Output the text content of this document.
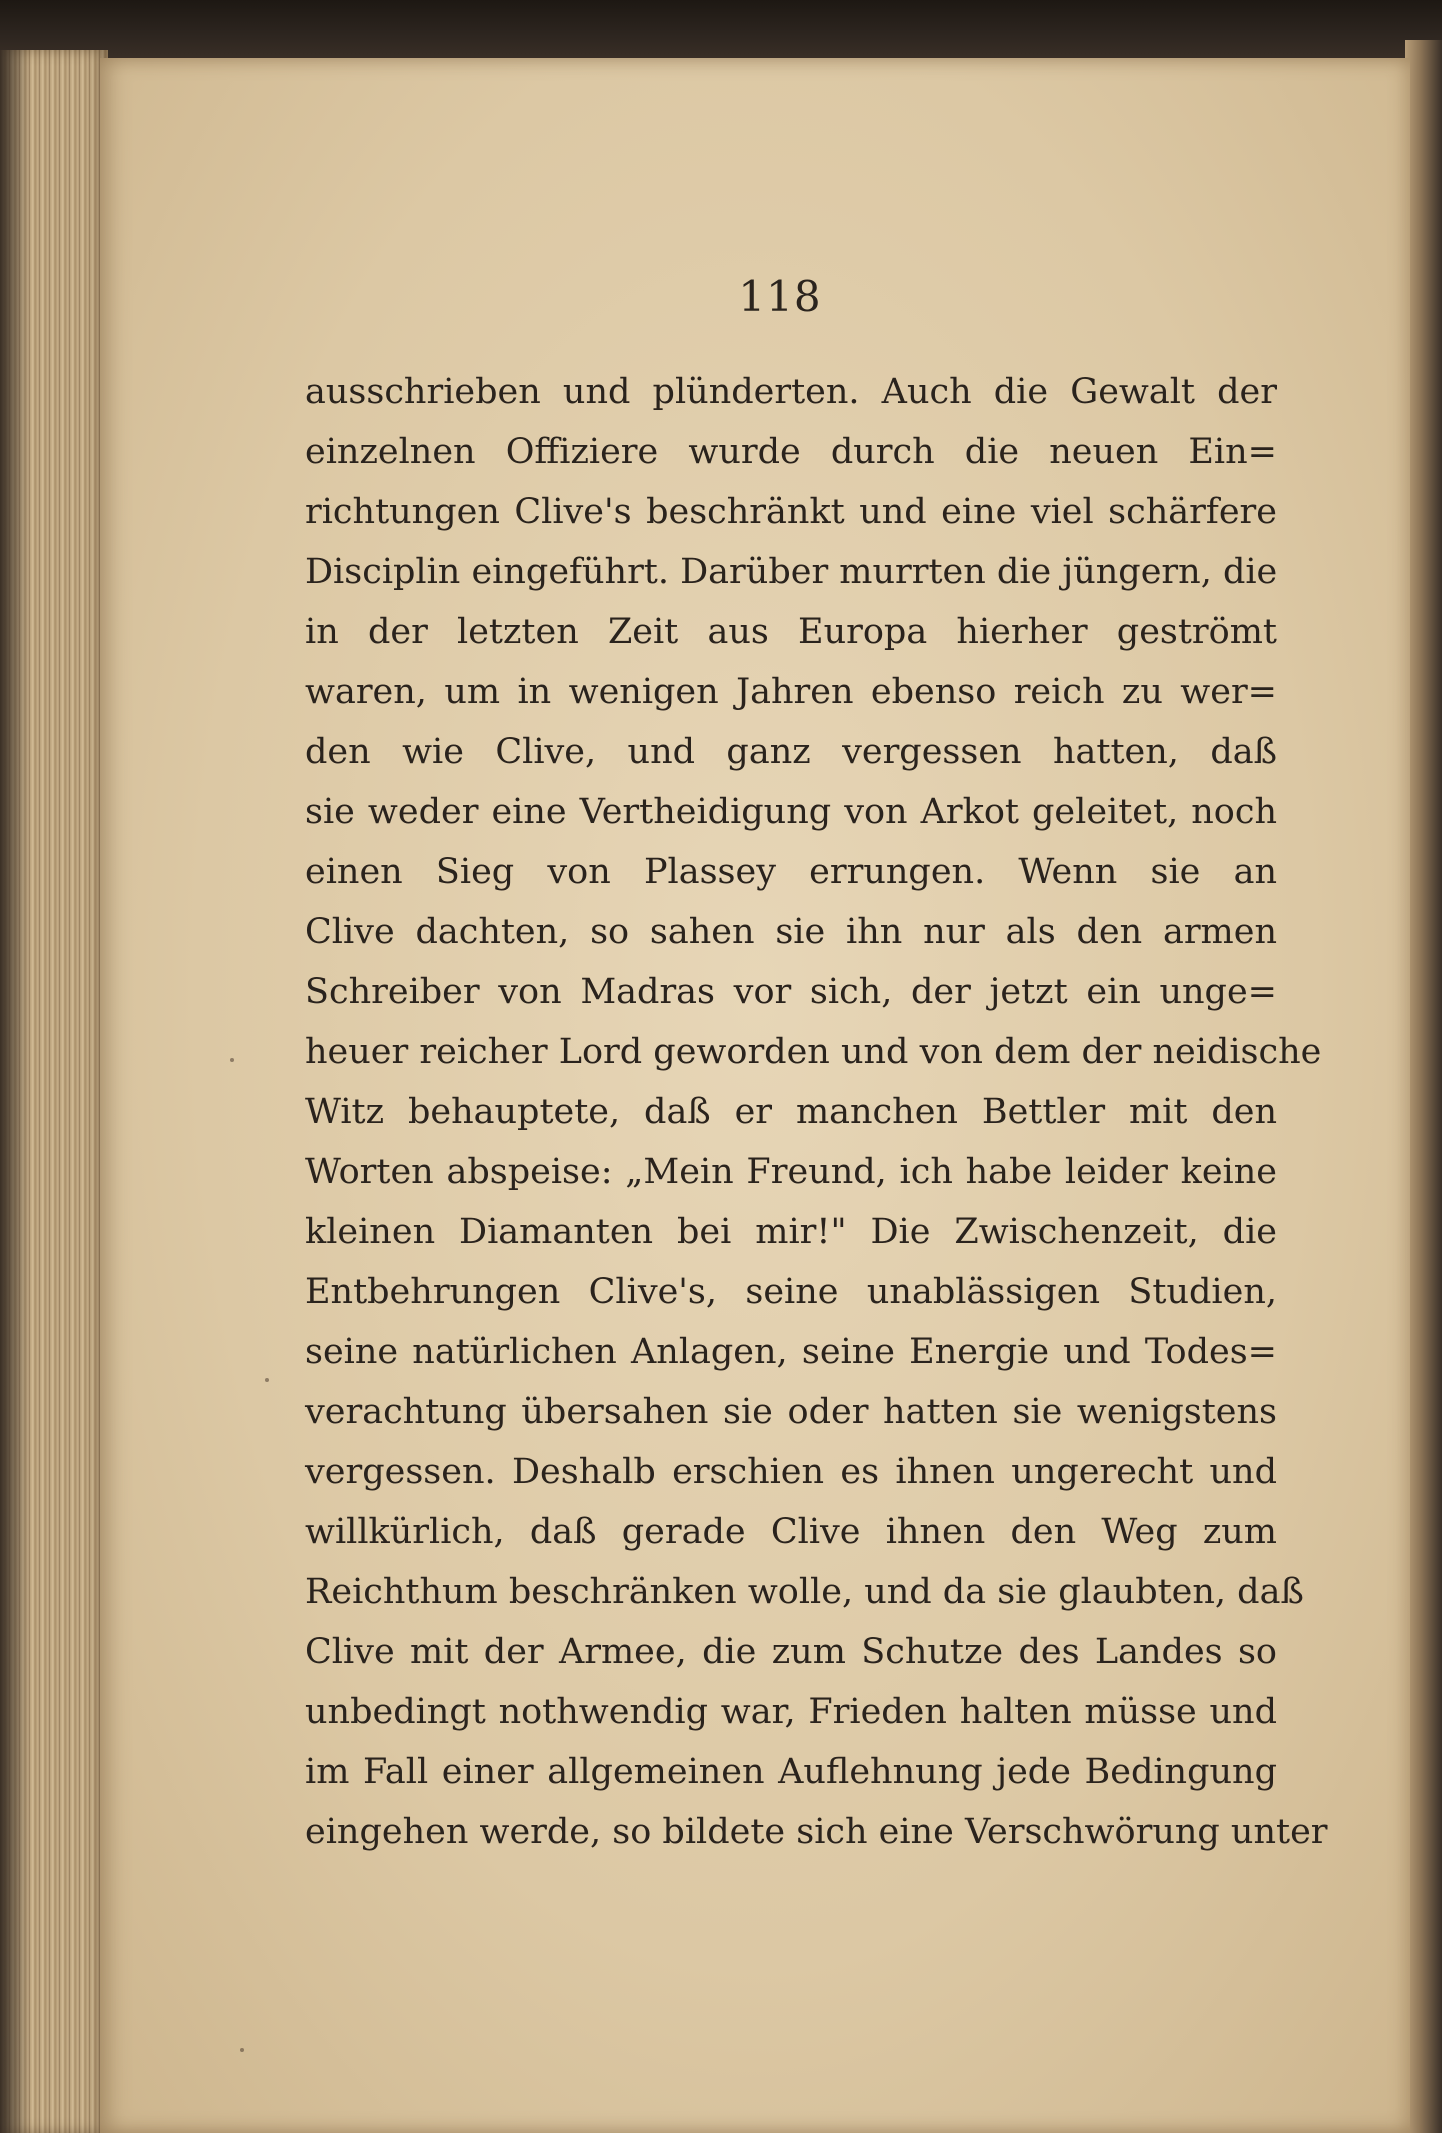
118
ausschrieben und plünderten. Auch die Gewalt der
einzelnen Offiziere wurde durch die neuen Ein=
richtungen Clive's beschränkt und eine viel schärfere
Disciplin eingeführt. Darüber murrten die jüngern, die
in der letzten Zeit aus Europa hierher geströmt
waren, um in wenigen Jahren ebenso reich zu wer=
den wie Clive, und ganz vergessen hatten, daß
sie weder eine Vertheidigung von Arkot geleitet, noch
einen Sieg von Plassey errungen. Wenn sie an
Clive dachten, so sahen sie ihn nur als den armen
Schreiber von Madras vor sich, der jetzt ein unge=
heuer reicher Lord geworden und von dem der neidische
Witz behauptete, daß er manchen Bettler mit den
Worten abspeise: „Mein Freund, ich habe leider keine
kleinen Diamanten bei mir!" Die Zwischenzeit, die
Entbehrungen Clive's, seine unablässigen Studien,
seine natürlichen Anlagen, seine Energie und Todes=
verachtung übersahen sie oder hatten sie wenigstens
vergessen. Deshalb erschien es ihnen ungerecht und
willkürlich, daß gerade Clive ihnen den Weg zum
Reichthum beschränken wolle, und da sie glaubten, daß
Clive mit der Armee, die zum Schutze des Landes so
unbedingt nothwendig war, Frieden halten müsse und
im Fall einer allgemeinen Auflehnung jede Bedingung
eingehen werde, so bildete sich eine Verschwörung unter
